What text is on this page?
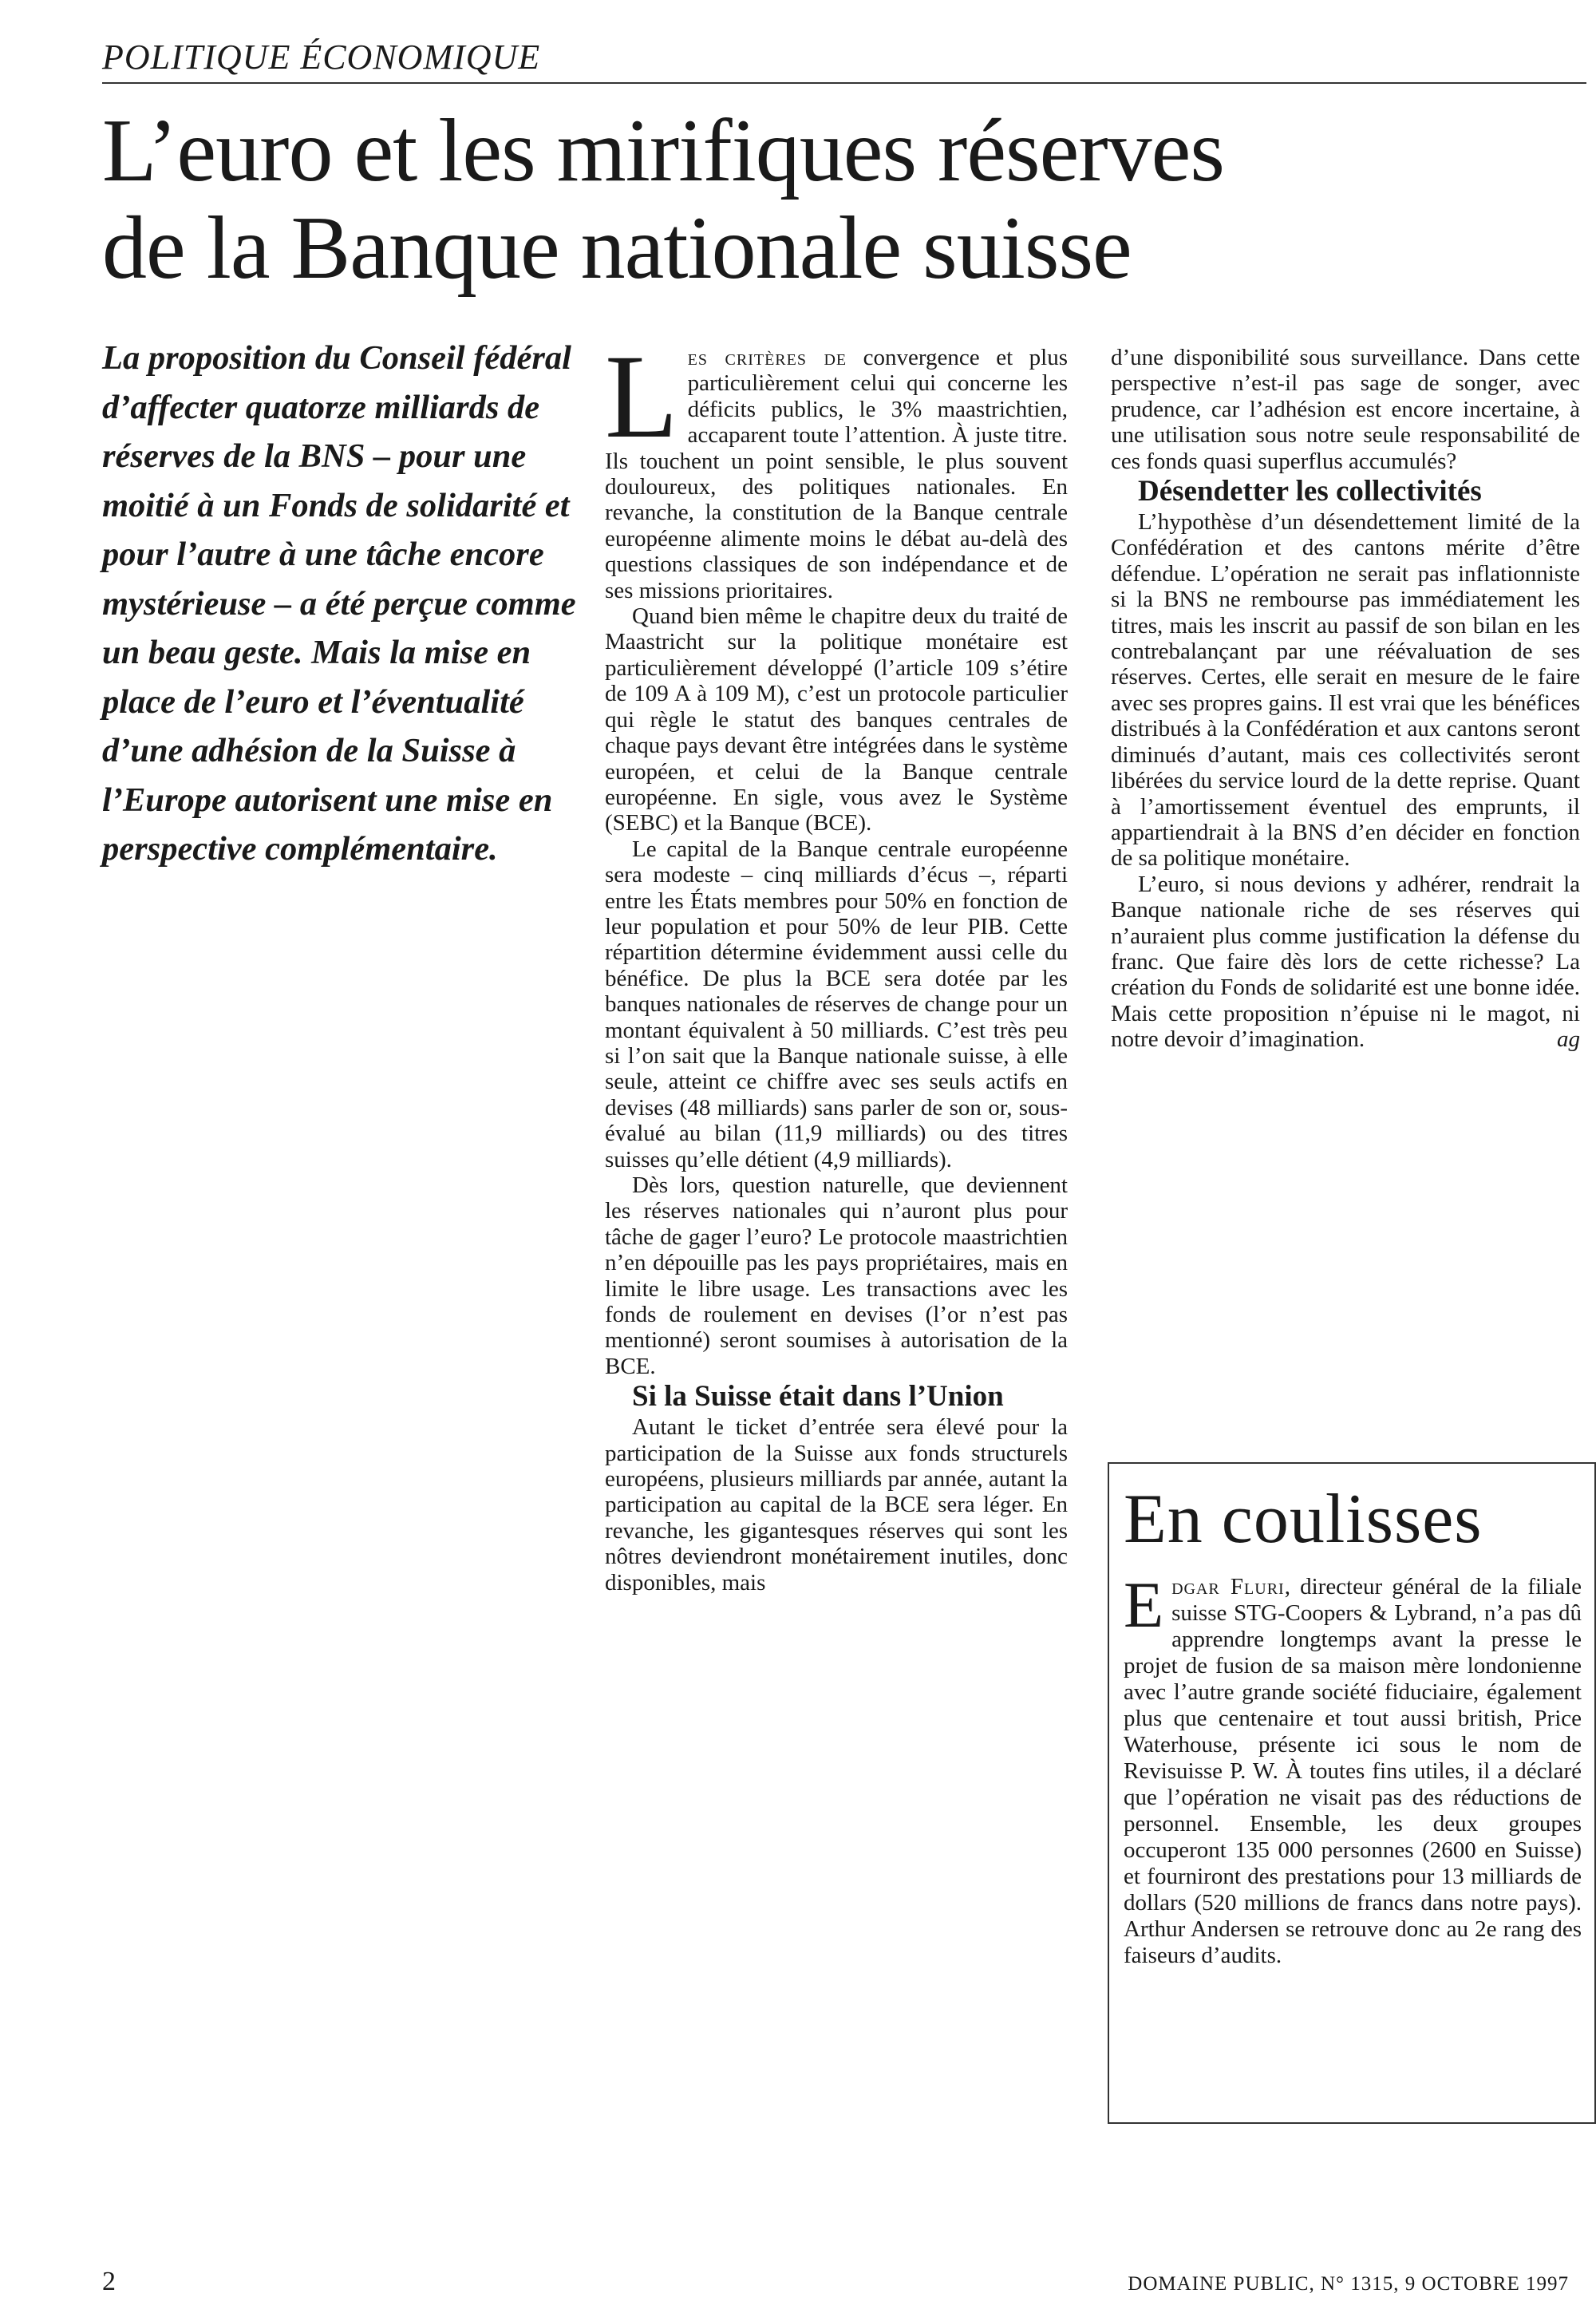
POLITIQUE ÉCONOMIQUE
L’euro et les mirifiques réserves
de la Banque nationale suisse

La proposition du Conseil fédéral d’affecter quatorze milliards de réserves de la BNS – pour une moitié à un Fonds de solidarité et pour l’autre à une tâche encore mystérieuse – a été perçue comme un beau geste. Mais la mise en place de l’euro et l’éventualité d’une adhésion de la Suisse à l’Europe autorisent une mise en perspective complémentaire.

Les critères de convergence et plus particulièrement celui qui concerne les déficits publics, le 3% maastrichtien, accaparent toute l’attention. À juste titre. Ils touchent un point sensible, le plus souvent douloureux, des politiques nationales. En revanche, la constitution de la Banque centrale européenne alimente moins le débat au-delà des questions classiques de son indépendance et de ses missions prioritaires.

Quand bien même le chapitre deux du traité de Maastricht sur la politique monétaire est particulièrement développé (l’article 109 s’étire de 109 A à 109 M), c’est un protocole particulier qui règle le statut des banques centrales de chaque pays devant être intégrées dans le système européen, et celui de la Banque centrale européenne. En sigle, vous avez le Système (SEBC) et la Banque (BCE).

Le capital de la Banque centrale européenne sera modeste – cinq milliards d’écus –, réparti entre les États membres pour 50% en fonction de leur population et pour 50% de leur PIB. Cette répartition détermine évidemment aussi celle du bénéfice. De plus la BCE sera dotée par les banques nationales de réserves de change pour un montant équivalent à 50 milliards. C’est très peu si l’on sait que la Banque nationale suisse, à elle seule, atteint ce chiffre avec ses seuls actifs en devises (48 milliards) sans parler de son or, sous-évalué au bilan (11,9 milliards) ou des titres suisses qu’elle détient (4,9 milliards).

Dès lors, question naturelle, que deviennent les réserves nationales qui n’auront plus pour tâche de gager l’euro? Le protocole maastrichtien n’en dépouille pas les pays propriétaires, mais en limite le libre usage. Les transactions avec les fonds de roulement en devises (l’or n’est pas mentionné) seront soumises à autorisation de la BCE.

Si la Suisse était dans l’Union

Autant le ticket d’entrée sera élevé pour la participation de la Suisse aux fonds structurels européens, plusieurs milliards par année, autant la participation au capital de la BCE sera léger. En revanche, les gigantesques réserves qui sont les nôtres deviendront monétairement inutiles, donc disponibles, mais

d’une disponibilité sous surveillance. Dans cette perspective n’est-il pas sage de songer, avec prudence, car l’adhésion est encore incertaine, à une utilisation sous notre seule responsabilité de ces fonds quasi superflus accumulés?

Désendetter les collectivités

L’hypothèse d’un désendettement limité de la Confédération et des cantons mérite d’être défendue. L’opération ne serait pas inflationniste si la BNS ne rembourse pas immédiatement les titres, mais les inscrit au passif de son bilan en les contrebalançant par une réévaluation de ses réserves. Certes, elle serait en mesure de le faire avec ses propres gains. Il est vrai que les bénéfices distribués à la Confédération et aux cantons seront diminués d’autant, mais ces collectivités seront libérées du service lourd de la dette reprise. Quant à l’amortissement éventuel des emprunts, il appartiendrait à la BNS d’en décider en fonction de sa politique monétaire.

L’euro, si nous devions y adhérer, rendrait la Banque nationale riche de ses réserves qui n’auraient plus comme justification la défense du franc. Que faire dès lors de cette richesse? La création du Fonds de solidarité est une bonne idée. Mais cette proposition n’épuise ni le magot, ni notre devoir d’imagination.	ag

En coulisses

Edgar Fluri, directeur général de la filiale suisse STG-Coopers & Lybrand, n’a pas dû apprendre longtemps avant la presse le projet de fusion de sa maison mère londonienne avec l’autre grande société fiduciaire, également plus que centenaire et tout aussi british, Price Waterhouse, présente ici sous le nom de Revisuisse P. W. À toutes fins utiles, il a déclaré que l’opération ne visait pas des réductions de personnel. Ensemble, les deux groupes occuperont 135 000 personnes (2600 en Suisse) et fourniront des prestations pour 13 milliards de dollars (520 millions de francs dans notre pays). Arthur Andersen se retrouve donc au 2e rang des faiseurs d’audits.

2	DOMAINE PUBLIC, N° 1315, 9 OCTOBRE 1997
